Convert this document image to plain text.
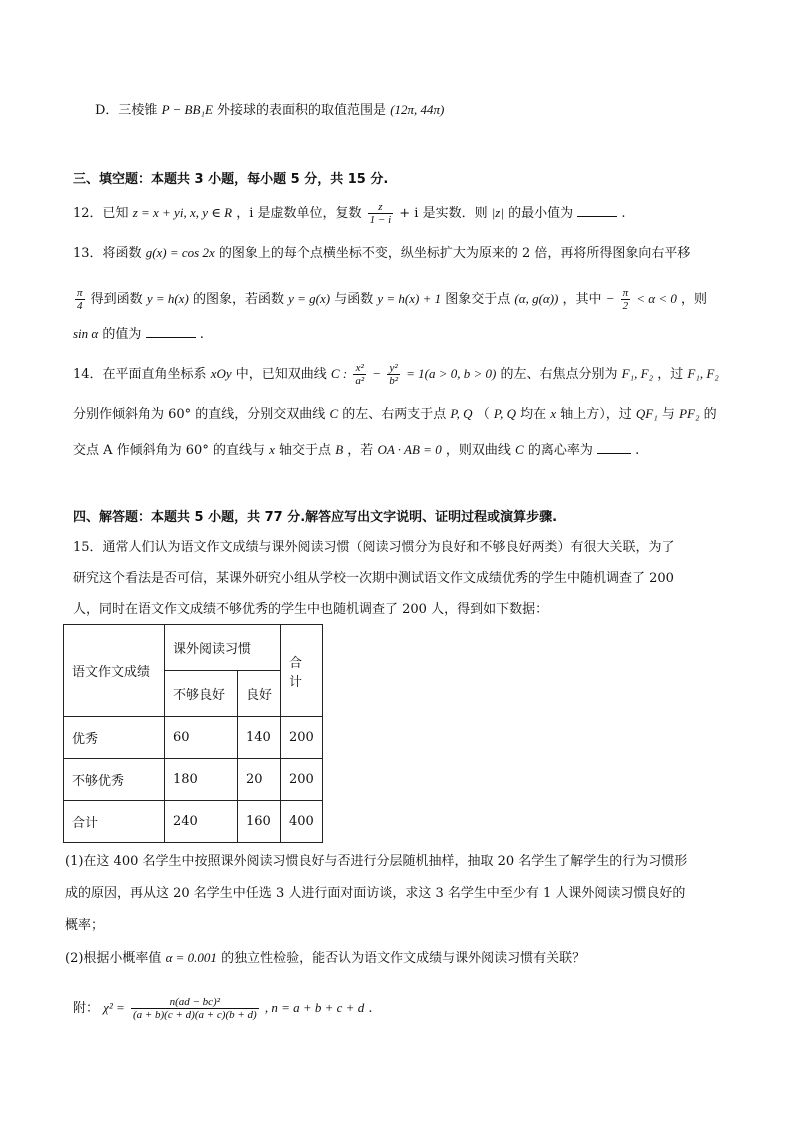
D．三棱锥 P − BB₁E 外接球的表面积的取值范围是 (12π, 44π)
三、填空题：本题共 3 小题，每小题 5 分，共 15 分.
12．已知 z = x + yi, x, y ∈ R ，i 是虚数单位，复数 $\frac{z}{1 - i} + i$ 是实数．则 |z| 的最小值为	.
13．将函数 g(x) = cos 2x 的图象上的每个点横坐标不变，纵坐标扩大为原来的 2 倍，再将所得图象向右平移
$\frac{\pi}{4}$ 得到函数 y = h(x) 的图象，若函数 y = g(x) 与函数 y = h(x) + 1 图象交于点 (α, g(α)) ，其中 − $\frac{\pi}{2} < \alpha < 0$ ，则
sin α 的值为	.
14．在平面直角坐标系 xOy 中，已知双曲线 C : $\frac{\text{x²}}{\text{a²}} - \frac{\text{y²}}{\text{b²}} = 1(a > 0$, b > 0) 的左、右焦点分别为 F₁, F₂ ，过 F₁, F₂
分别作倾斜角为 60° 的直线，分别交双曲线 C 的左、右两支于点 P, Q （ P, Q 均在 x 轴上方），过 QF₁ 与 PF₂ 的
交点 A 作倾斜角为 60° 的直线与 x 轴交于点 B ，若 OA · AB = 0 ，则双曲线 C 的离心率为	.
四、解答题：本题共 5 小题，共 77 分.解答应写出文字说明、证明过程或演算步骤.
15．通常人们认为语文作文成绩与课外阅读习惯（阅读习惯分为良好和不够良好两类）有很大关联，为了
研究这个看法是否可信，某课外研究小组从学校一次期中测试语文作文成绩优秀的学生中随机调查了 200
人，同时在语文作文成绩不够优秀的学生中也随机调查了 200 人，得到如下数据：
语文作文成绩	课外阅读习惯		合计
	不够良好	良好	
优秀	60	140	200
不够优秀	180	20	200
合计	240	160	400
(1)在这 400 名学生中按照课外阅读习惯良好与否进行分层随机抽样，抽取 20 名学生了解学生的行为习惯形
成的原因，再从这 20 名学生中任选 3 人进行面对面访谈，求这 3 名学生中至少有 1 人课外阅读习惯良好的
概率；
(2)根据小概率值 α = 0.001 的独立性检验，能否认为语文作文成绩与课外阅读习惯有关联？
附： $\chi^2 = \frac{\text{n(ad − bc)²}}{(a + b)(c + d)(a + c)(b + d)}$ , n = a + b + c + d .
